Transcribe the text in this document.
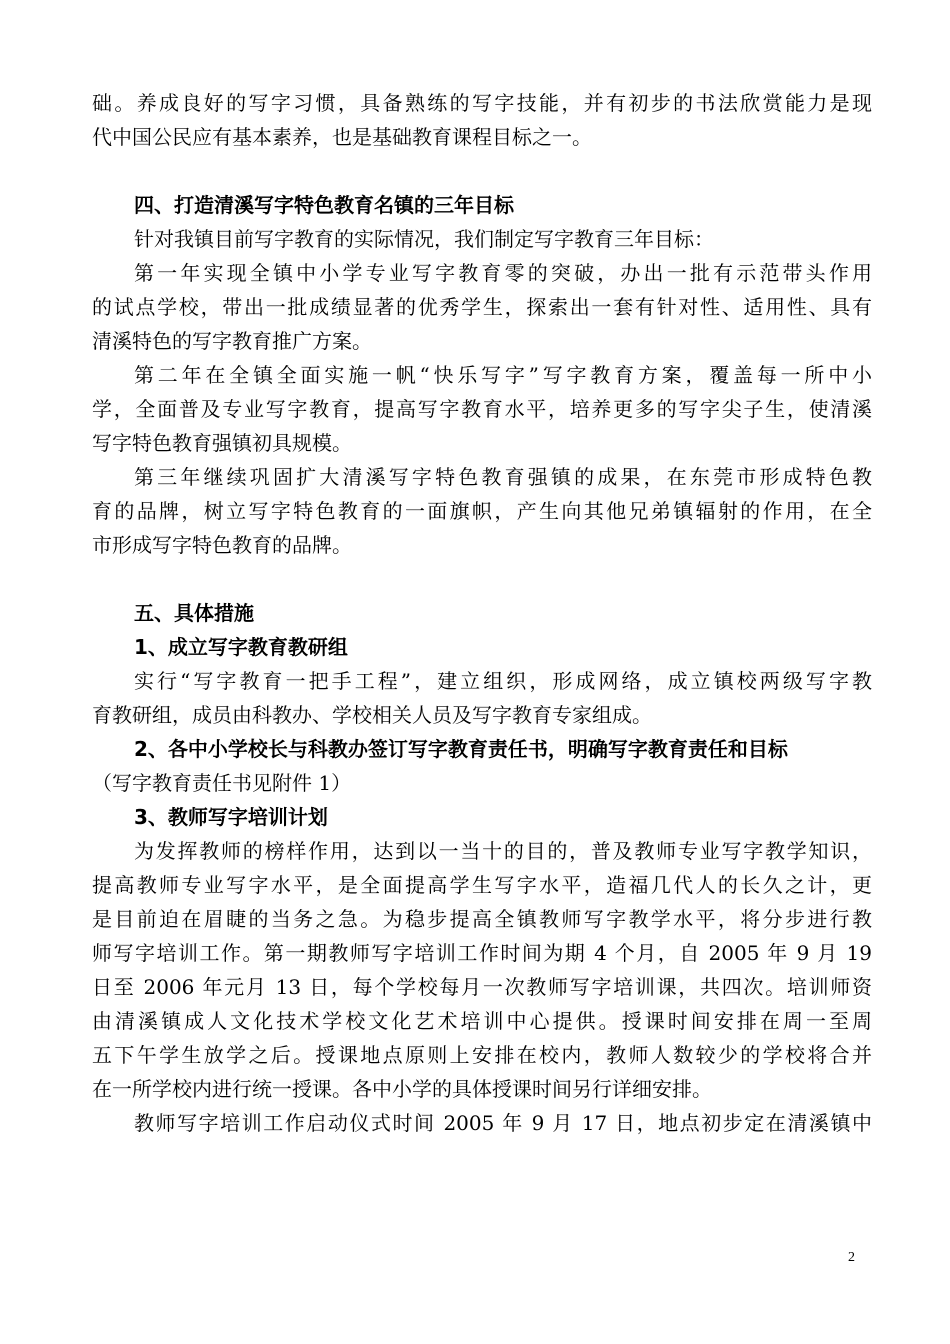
础。养成良好的写字习惯，具备熟练的写字技能，并有初步的书法欣赏能力是现
代中国公民应有基本素养，也是基础教育课程目标之一。
四、打造清溪写字特色教育名镇的三年目标
针对我镇目前写字教育的实际情况，我们制定写字教育三年目标：
第一年实现全镇中小学专业写字教育零的突破，办出一批有示范带头作用
的试点学校，带出一批成绩显著的优秀学生，探索出一套有针对性、适用性、具有
清溪特色的写字教育推广方案。
第二年在全镇全面实施一帆“快乐写字”写字教育方案，覆盖每一所中小
学，全面普及专业写字教育，提高写字教育水平，培养更多的写字尖子生，使清溪
写字特色教育强镇初具规模。
第三年继续巩固扩大清溪写字特色教育强镇的成果，在东莞市形成特色教
育的品牌，树立写字特色教育的一面旗帜，产生向其他兄弟镇辐射的作用，在全
市形成写字特色教育的品牌。
五、具体措施
1、成立写字教育教研组
实行“写字教育一把手工程”，建立组织，形成网络，成立镇校两级写字教
育教研组，成员由科教办、学校相关人员及写字教育专家组成。
2、各中小学校长与科教办签订写字教育责任书，明确写字教育责任和目标
（写字教育责任书见附件 1）
3、教师写字培训计划
为发挥教师的榜样作用，达到以一当十的目的，普及教师专业写字教学知识，
提高教师专业写字水平，是全面提高学生写字水平，造福几代人的长久之计，更
是目前迫在眉睫的当务之急。为稳步提高全镇教师写字教学水平，将分步进行教
师写字培训工作。第一期教师写字培训工作时间为期 4 个月，自 2005 年 9 月 19
日至 2006 年元月 13 日，每个学校每月一次教师写字培训课，共四次。培训师资
由清溪镇成人文化技术学校文化艺术培训中心提供。授课时间安排在周一至周
五下午学生放学之后。授课地点原则上安排在校内，教师人数较少的学校将合并
在一所学校内进行统一授课。各中小学的具体授课时间另行详细安排。
教师写字培训工作启动仪式时间 2005 年 9 月 17 日，地点初步定在清溪镇中
2
